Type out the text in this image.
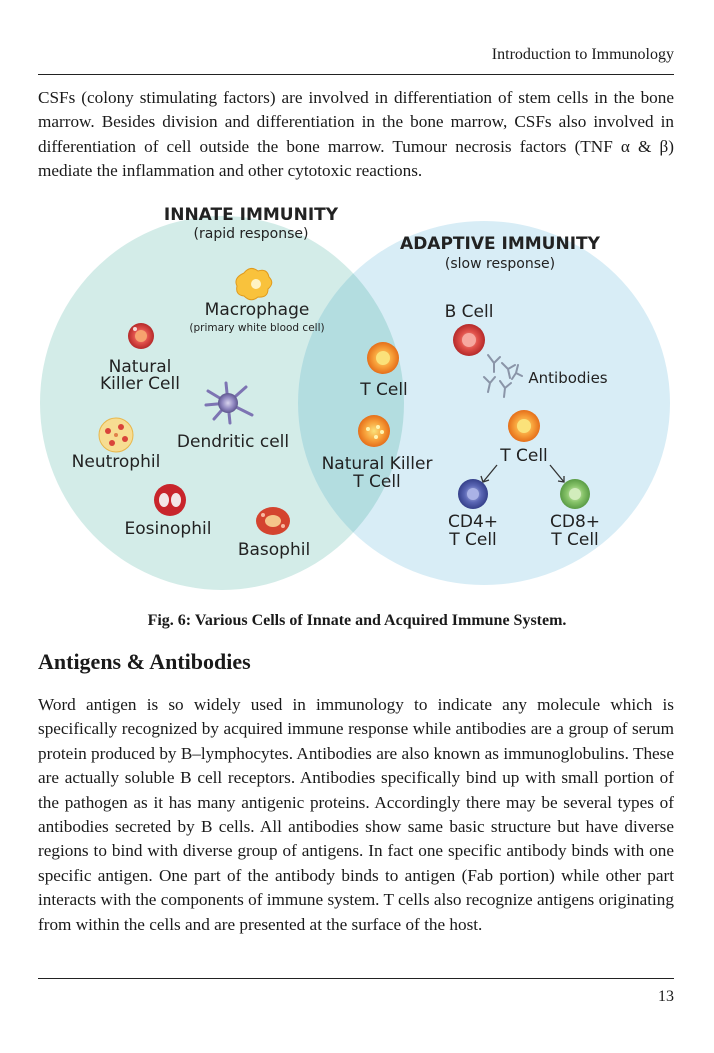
Introduction to Immunology

CSFs (colony stimulating factors) are involved in differentiation of stem cells in the bone marrow. Besides division and differentiation in the bone marrow, CSFs also involved in differentiation of cell outside the bone marrow. Tumour necrosis factors (TNF α & β) mediate the inflammation and other cytotoxic reactions.

INNATE IMMUNITY
(rapid response)	ADAPTIVE IMMUNITY
(slow response)
Macrophage
(primary white blood cell)
Natural
Killer Cell
Dendritic cell
Neutrophil
Eosinophil
Basophil
T Cell
Natural Killer
T Cell
B Cell
Antibodies
T Cell
CD4+
T Cell
CD8+
T Cell
Fig. 6: Various Cells of Innate and Acquired Immune System.
Antigens & Antibodies

Word antigen is so widely used in immunology to indicate any molecule which is specifically recognized by acquired immune response while antibodies are a group of serum protein produced by B–lymphocytes. Antibodies are also known as immunoglobulins. These are actually soluble B cell receptors. Antibodies specifically bind up with small portion of the pathogen as it has many antigenic proteins. Accordingly there may be several types of antibodies secreted by B cells. All antibodies show same basic structure but have diverse regions to bind with diverse group of antigens. In fact one specific antibody binds with one specific antigen. One part of the antibody binds to antigen (Fab portion) while other part interacts with the components of immune system. T cells also recognize antigens originating from within the cells and are presented at the surface of the host.

13
